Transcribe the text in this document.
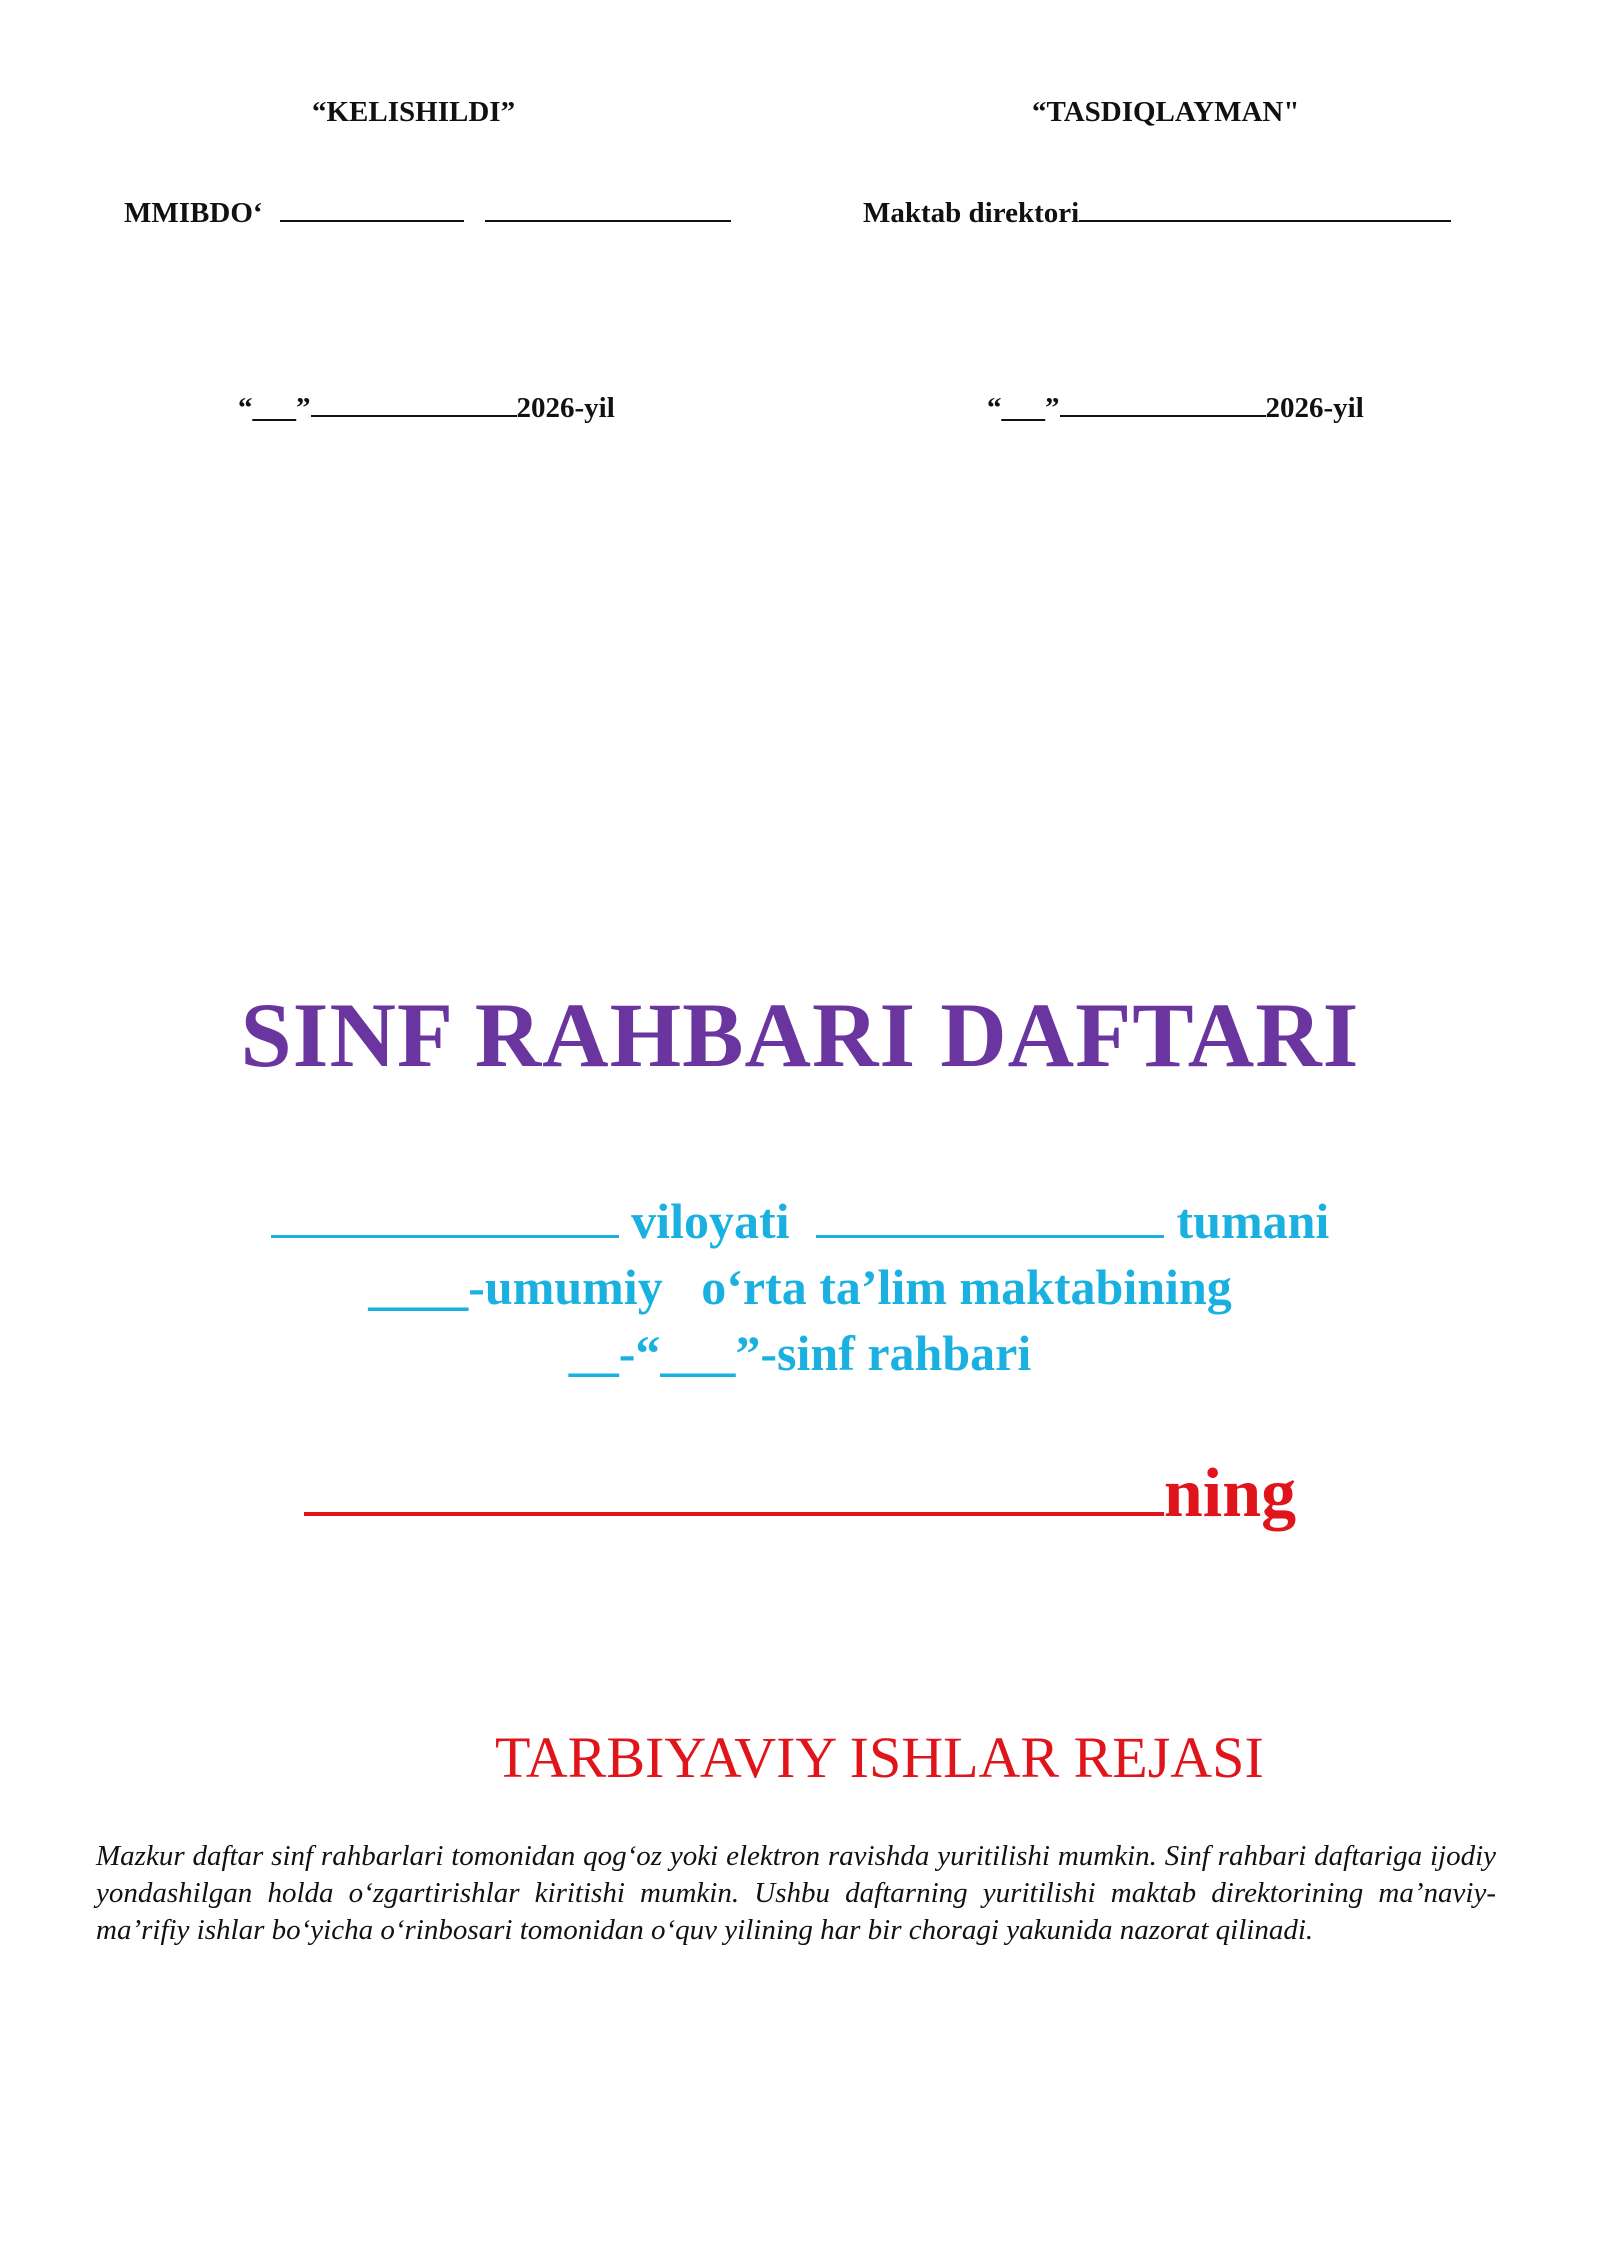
“KELISHILDI”	“TASDIQLAYMAN"
MMIBDO‘	Maktab direktori
“___”	2026-yil	“___”	2026-yil
SINF RAHBARI DAFTARI
viloyati	tumani
____-umumiy o‘rta ta’lim maktabining
__-“___”-sinf rahbari
ning
TARBIYAVIY ISHLAR REJASI
Mazkur daftar sinf rahbarlari tomonidan qog‘oz yoki elektron ravishda yuritilishi mumkin. Sinf rahbari daftariga ijodiy yondashilgan holda o‘zgartirishlar kiritishi mumkin. Ushbu daftarning yuritilishi maktab direktorining ma’naviy-ma’rifiy ishlar bo‘yicha o‘rinbosari tomonidan o‘quv yilining har bir choragi yakunida nazorat qilinadi.
